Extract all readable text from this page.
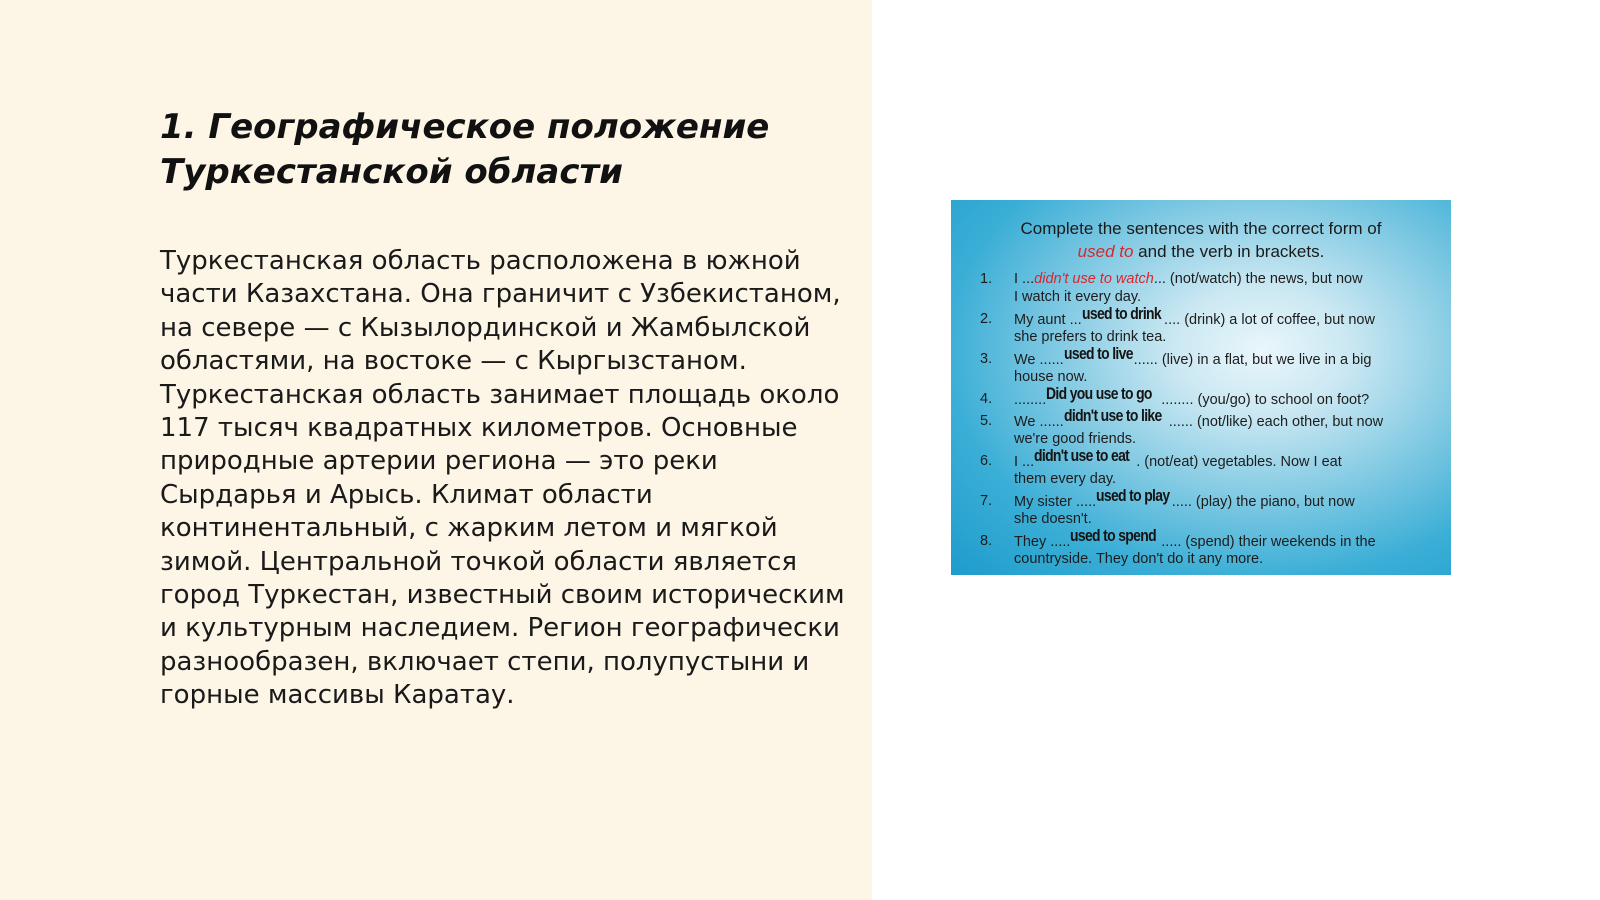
1. Географическое положение
Туркестанской области

Туркестанская область расположена в южной
части Казахстана. Она граничит с Узбекистаном,
на севере — с Кызылординской и Жамбылской
областями, на востоке — с Кыргызстаном.
Туркестанская область занимает площадь около
117 тысяч квадратных километров. Основные
природные артерии региона — это реки
Сырдарья и Арысь. Климат области
континентальный, с жарким летом и мягкой
зимой. Центральной точкой области является
город Туркестан, известный своим историческим
и культурным наследием. Регион географически
разнообразен, включает степи, полупустыни и
горные массивы Каратау.

Complete the sentences with the correct form of
used to and the verb in brackets.
1. I ...didn't use to watch... (not/watch) the news, but now
I watch it every day.
2. My aunt ...used to drink .... (drink) a lot of coffee, but now
she prefers to drink tea.
3. We ......used to live...... (live) in a flat, but we live in a big
house now.
4. ........Did you use to go ........ (you/go) to school on foot?
5. We ......didn't use to like ...... (not/like) each other, but now
we're good friends.
6. I ...didn't use to eat . (not/eat) vegetables. Now I eat
them every day.
7. My sister .....used to play ..... (play) the piano, but now
she doesn't.
8. They .....used to spend ..... (spend) their weekends in the
countryside. They don't do it any more.
